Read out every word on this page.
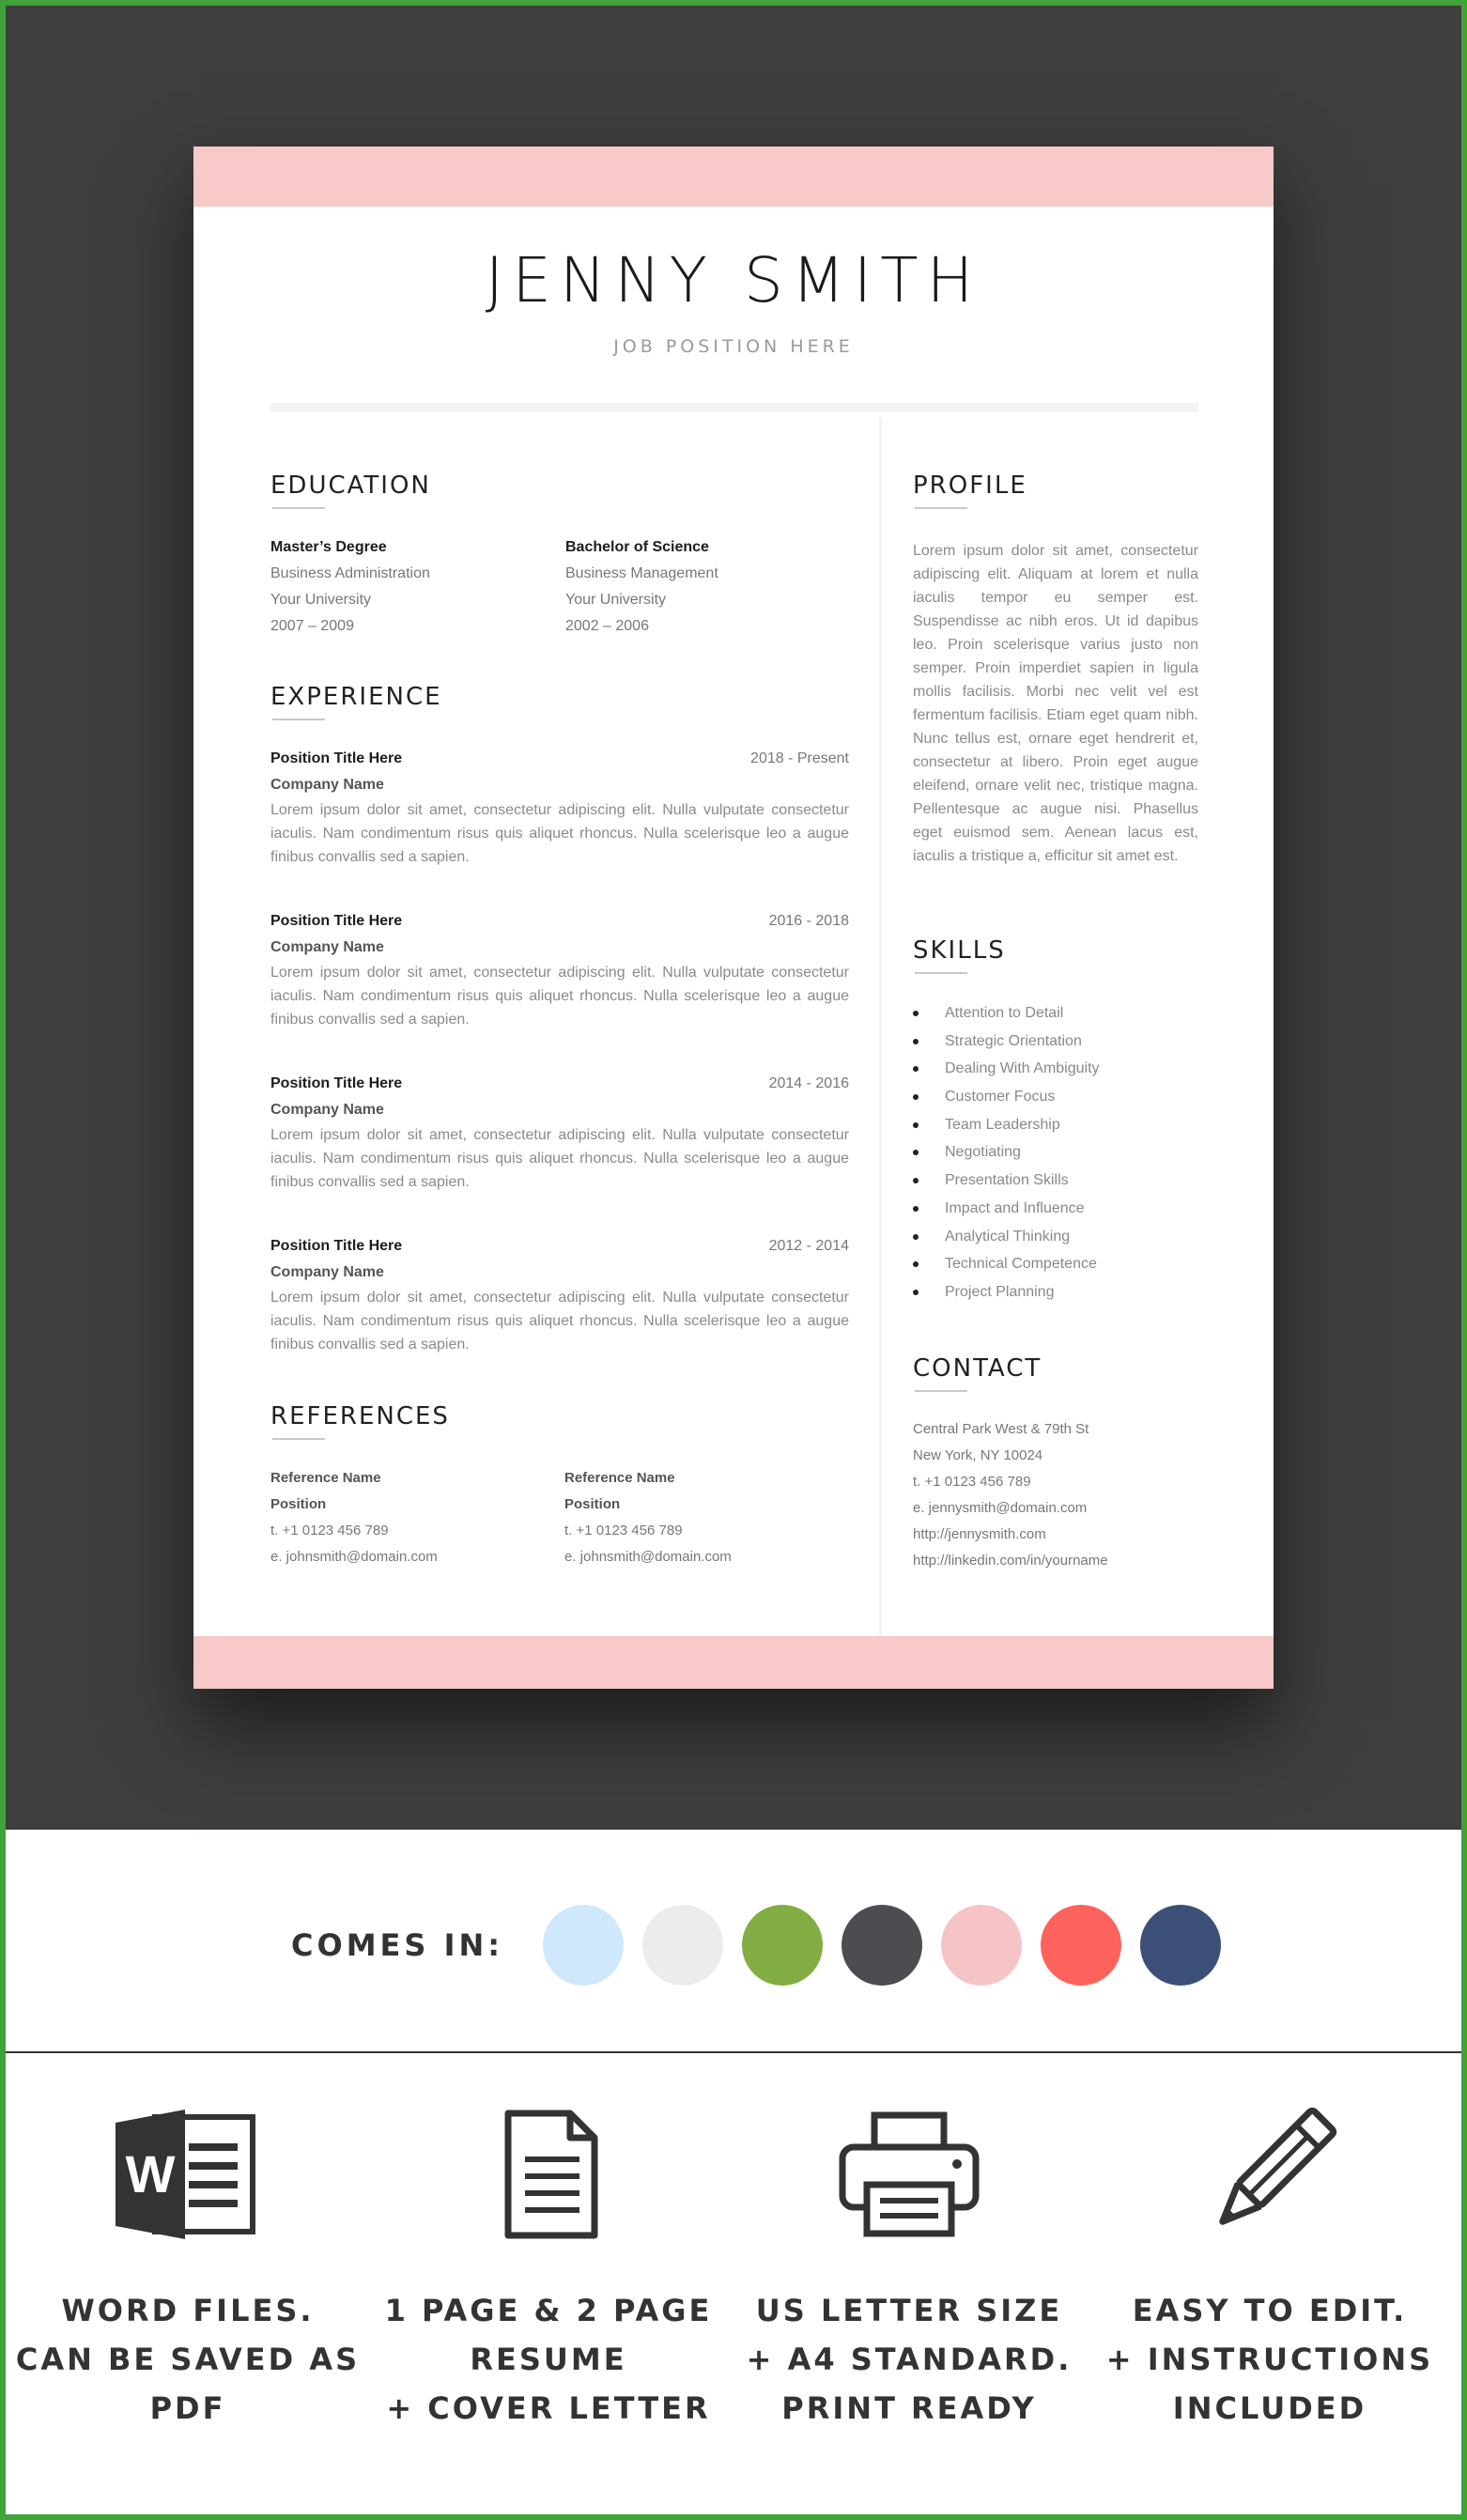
JENNY SMITH
JOB POSITION HERE
EDUCATION
Master’s Degree
Business Administration
Your University
2007 – 2009
Bachelor of Science
Business Management
Your University
2002 – 2006
EXPERIENCE
Position Title Here	2018 - Present
Company Name
Lorem ipsum dolor sit amet, consectetur adipiscing elit. Nulla vulputate consectetur iaculis. Nam condimentum risus quis aliquet rhoncus. Nulla scelerisque leo a augue finibus convallis sed a sapien.
Position Title Here	2016 - 2018
Company Name
Lorem ipsum dolor sit amet, consectetur adipiscing elit. Nulla vulputate consectetur iaculis. Nam condimentum risus quis aliquet rhoncus. Nulla scelerisque leo a augue finibus convallis sed a sapien.
Position Title Here	2014 - 2016
Company Name
Lorem ipsum dolor sit amet, consectetur adipiscing elit. Nulla vulputate consectetur iaculis. Nam condimentum risus quis aliquet rhoncus. Nulla scelerisque leo a augue finibus convallis sed a sapien.
Position Title Here	2012 - 2014
Company Name
Lorem ipsum dolor sit amet, consectetur adipiscing elit. Nulla vulputate consectetur iaculis. Nam condimentum risus quis aliquet rhoncus. Nulla scelerisque leo a augue finibus convallis sed a sapien.
REFERENCES
Reference Name
Position
t. +1 0123 456 789
e. johnsmith@domain.com
Reference Name
Position
t. +1 0123 456 789
e. johnsmith@domain.com
PROFILE
Lorem ipsum dolor sit amet, consectetur adipiscing elit. Aliquam at lorem et nulla iaculis tempor eu semper est. Suspendisse ac nibh eros. Ut id dapibus leo. Proin scelerisque varius justo non semper. Proin imperdiet sapien in ligula mollis facilisis. Morbi nec velit vel est fermentum facilisis. Etiam eget quam nibh. Nunc tellus est, ornare eget hendrerit et, consectetur at libero. Proin eget augue eleifend, ornare velit nec, tristique magna. Pellentesque ac augue nisi. Phasellus eget euismod sem. Aenean lacus est, iaculis a tristique a, efficitur sit amet est.
SKILLS
Attention to Detail
Strategic Orientation
Dealing With Ambiguity
Customer Focus
Team Leadership
Negotiating
Presentation Skills
Impact and Influence
Analytical Thinking
Technical Competence
Project Planning
CONTACT
Central Park West & 79th St
New York, NY 10024
t. +1 0123 456 789
e. jennysmith@domain.com
http://jennysmith.com
http://linkedin.com/in/yourname
COMES IN:
W
WORD FILES.
CAN BE SAVED AS
PDF
1 PAGE & 2 PAGE
RESUME
+ COVER LETTER
US LETTER SIZE
+ A4 STANDARD.
PRINT READY
EASY TO EDIT.
+ INSTRUCTIONS
INCLUDED
